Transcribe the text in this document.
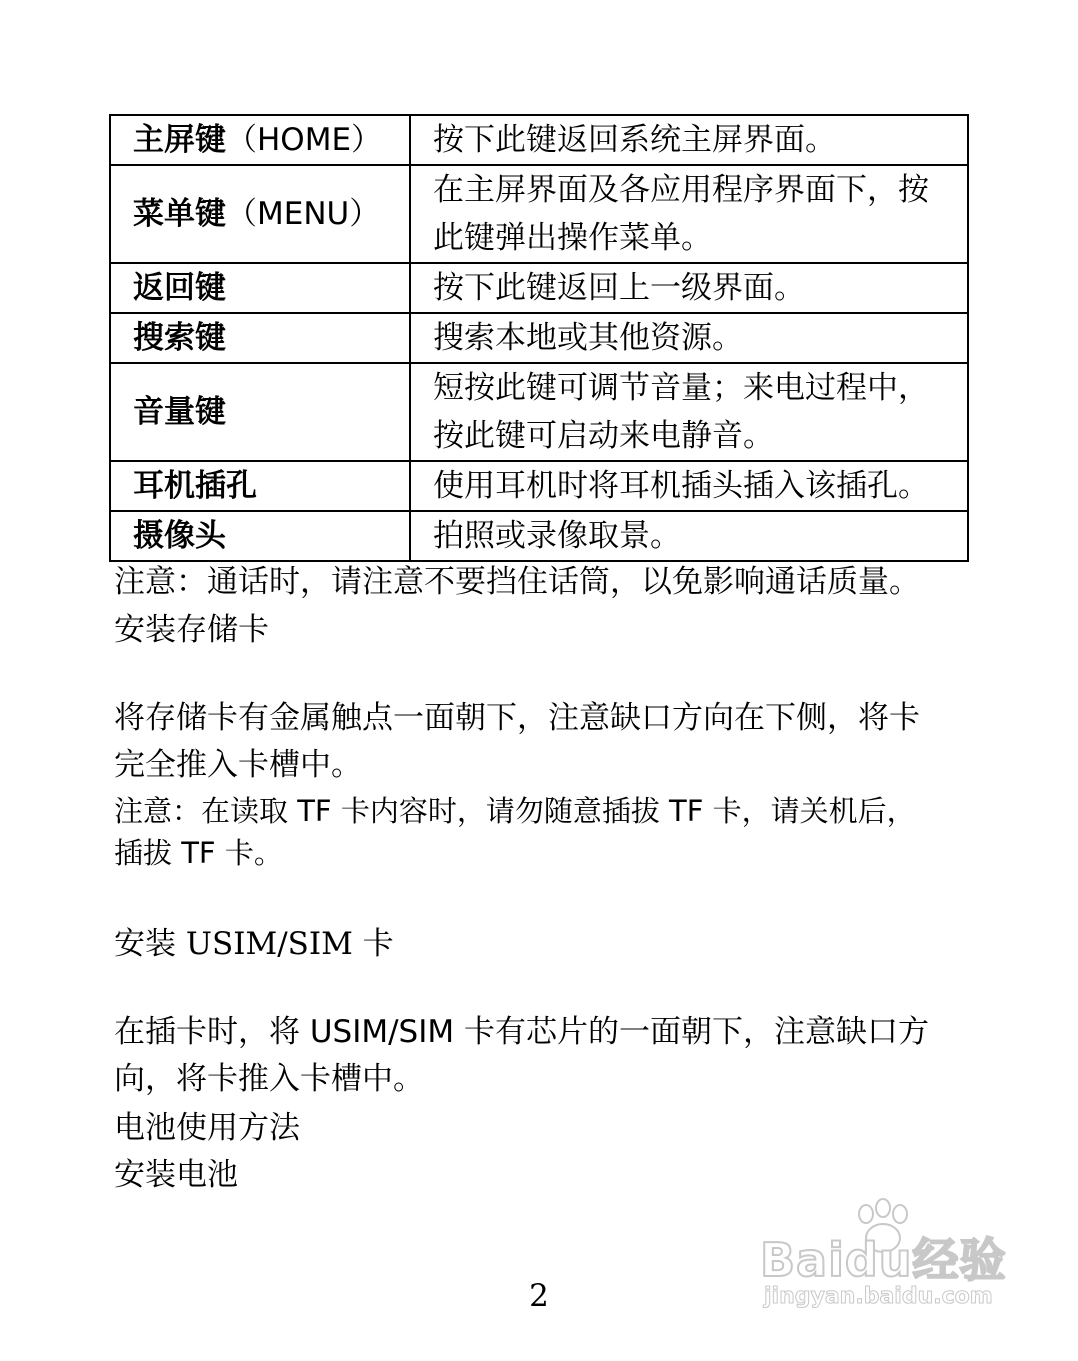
主屏键（HOME）	按下此键返回系统主屏界面。
菜单键（MENU）	在主屏界面及各应用程序界面下，按
此键弹出操作菜单。
返回键	按下此键返回上一级界面。
搜索键	搜索本地或其他资源。
音量键	短按此键可调节音量；来电过程中，
按此键可启动来电静音。
耳机插孔	使用耳机时将耳机插头插入该插孔。
摄像头	拍照或录像取景。
注意：通话时，请注意不要挡住话筒，以免影响通话质量。
安装存储卡
将存储卡有金属触点一面朝下，注意缺口方向在下侧，将卡
完全推入卡槽中。
注意：在读取 TF 卡内容时，请勿随意插拔 TF 卡，请关机后，
插拔 TF 卡。
安装 USIM/SIM 卡
在插卡时，将 USIM/SIM 卡有芯片的一面朝下，注意缺口方
向，将卡推入卡槽中。
电池使用方法
安装电池
Baidu经验
jingyan.baidu.com
2
